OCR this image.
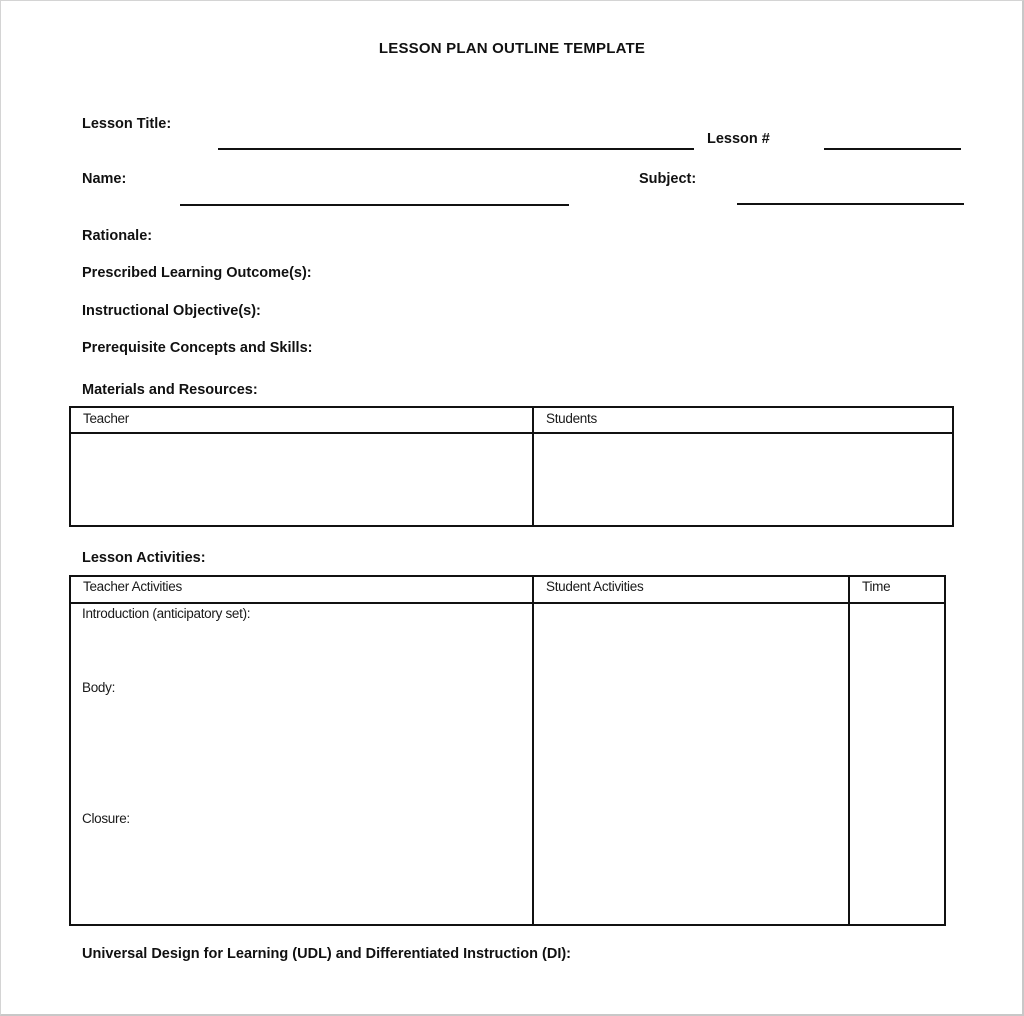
LESSON PLAN OUTLINE TEMPLATE
Lesson Title:
Lesson #
Name:	Subject:
Rationale:
Prescribed Learning Outcome(s):
Instructional Objective(s):
Prerequisite Concepts and Skills:
Materials and Resources:
Teacher	Students
Lesson Activities:
Teacher Activities	Student Activities	Time
Introduction (anticipatory set):
Body:
Closure:
Universal Design for Learning (UDL) and Differentiated Instruction (DI):
